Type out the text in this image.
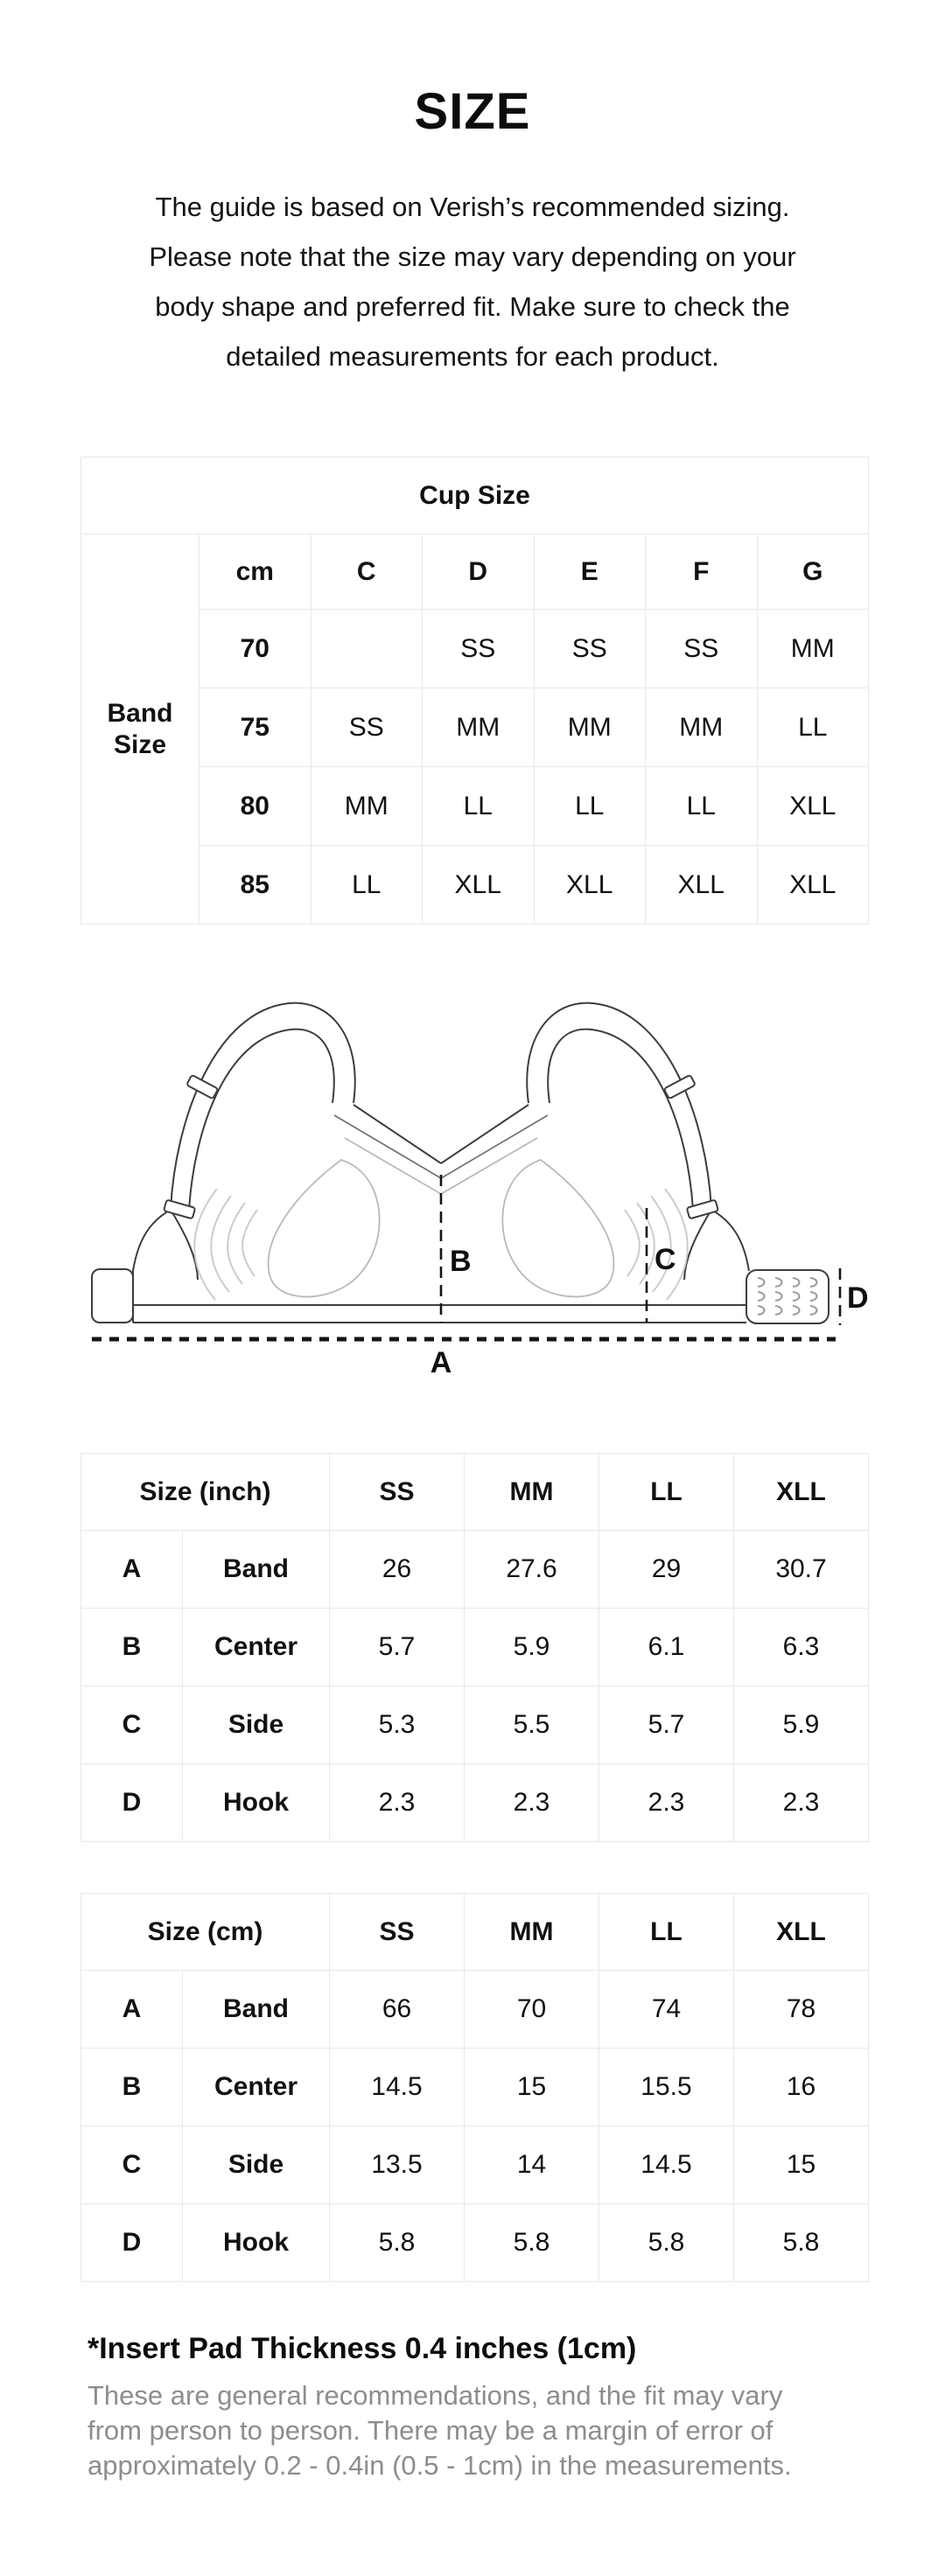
SIZE
The guide is based on Verish’s recommended sizing.
Please note that the size may vary depending on your
body shape and preferred fit. Make sure to check the
detailed measurements for each product.
Cup Size						
Band Size	cm	C	D	E	F	G
	70		SS	SS	SS	MM
	75	SS	MM	MM	MM	LL
	80	MM	LL	LL	LL	XLL
	85	LL	XLL	XLL	XLL	XLL
B	C
D
A
Size (inch)		SS	MM	LL	XLL
A	Band	26	27.6	29	30.7
B	Center	5.7	5.9	6.1	6.3
C	Side	5.3	5.5	5.7	5.9
D	Hook	2.3	2.3	2.3	2.3
Size (cm)		SS	MM	LL	XLL
A	Band	66	70	74	78
B	Center	14.5	15	15.5	16
C	Side	13.5	14	14.5	15
D	Hook	5.8	5.8	5.8	5.8
*Insert Pad Thickness 0.4 inches (1cm)
These are general recommendations, and the fit may vary
from person to person. There may be a margin of error of
approximately 0.2 - 0.4in (0.5 - 1cm) in the measurements.
